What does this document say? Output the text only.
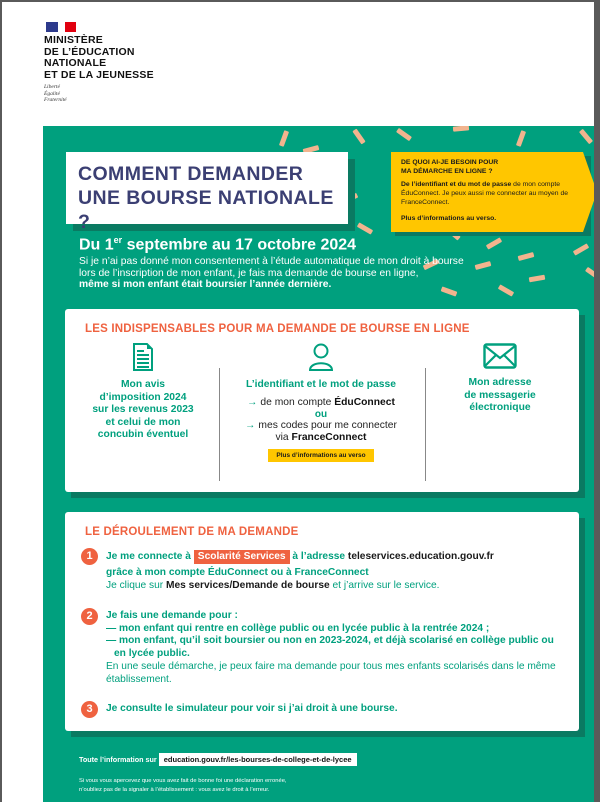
MINISTÈRE
DE L’ÉDUCATION
NATIONALE
ET DE LA JEUNESSE
Liberté
Égalité
Fraternité
COMMENT DEMANDER
UNE BOURSE NATIONALE ?
DE QUOI AI-JE BESOIN POUR
MA DÉMARCHE EN LIGNE ?
De l’identifiant et du mot de passe de mon compte ÉduConnect. Je peux aussi me connecter au moyen de FranceConnect.
Plus d’informations au verso.
Du 1er septembre au 17 octobre 2024
Si je n’ai pas donné mon consentement à l’étude automatique de mon droit à bourse
lors de l’inscription de mon enfant, je fais ma demande de bourse en ligne,
même si mon enfant était boursier l’année dernière.
LES INDISPENSABLES POUR MA DEMANDE DE BOURSE EN LIGNE
Mon avis
d’imposition 2024
sur les revenus 2023
et celui de mon
concubin éventuel
L’identifiant et le mot de passe
→ de mon compte ÉduConnect
ou
→ mes codes pour me connecter
via FranceConnect
Plus d’informations au verso
Mon adresse
de messagerie
électronique
LE DÉROULEMENT DE MA DEMANDE
1	Je me connecte à Scolarité Services à l’adresse teleservices.education.gouv.fr
grâce à mon compte ÉduConnect ou à FranceConnect
Je clique sur Mes services/Demande de bourse et j’arrive sur le service.
2	Je fais une demande pour :
— mon enfant qui rentre en collège public ou en lycée public à la rentrée 2024 ;
— mon enfant, qu’il soit boursier ou non en 2023-2024, et déjà scolarisé en collège public ou en lycée public.
En une seule démarche, je peux faire ma demande pour tous mes enfants scolarisés dans le même établissement.
3	Je consulte le simulateur pour voir si j’ai droit à une bourse.
Toute l’information sur education.gouv.fr/les-bourses-de-college-et-de-lycee
Si vous vous apercevez que vous avez fait de bonne foi une déclaration erronée,
n’oubliez pas de la signaler à l’établissement : vous avez le droit à l’erreur.
